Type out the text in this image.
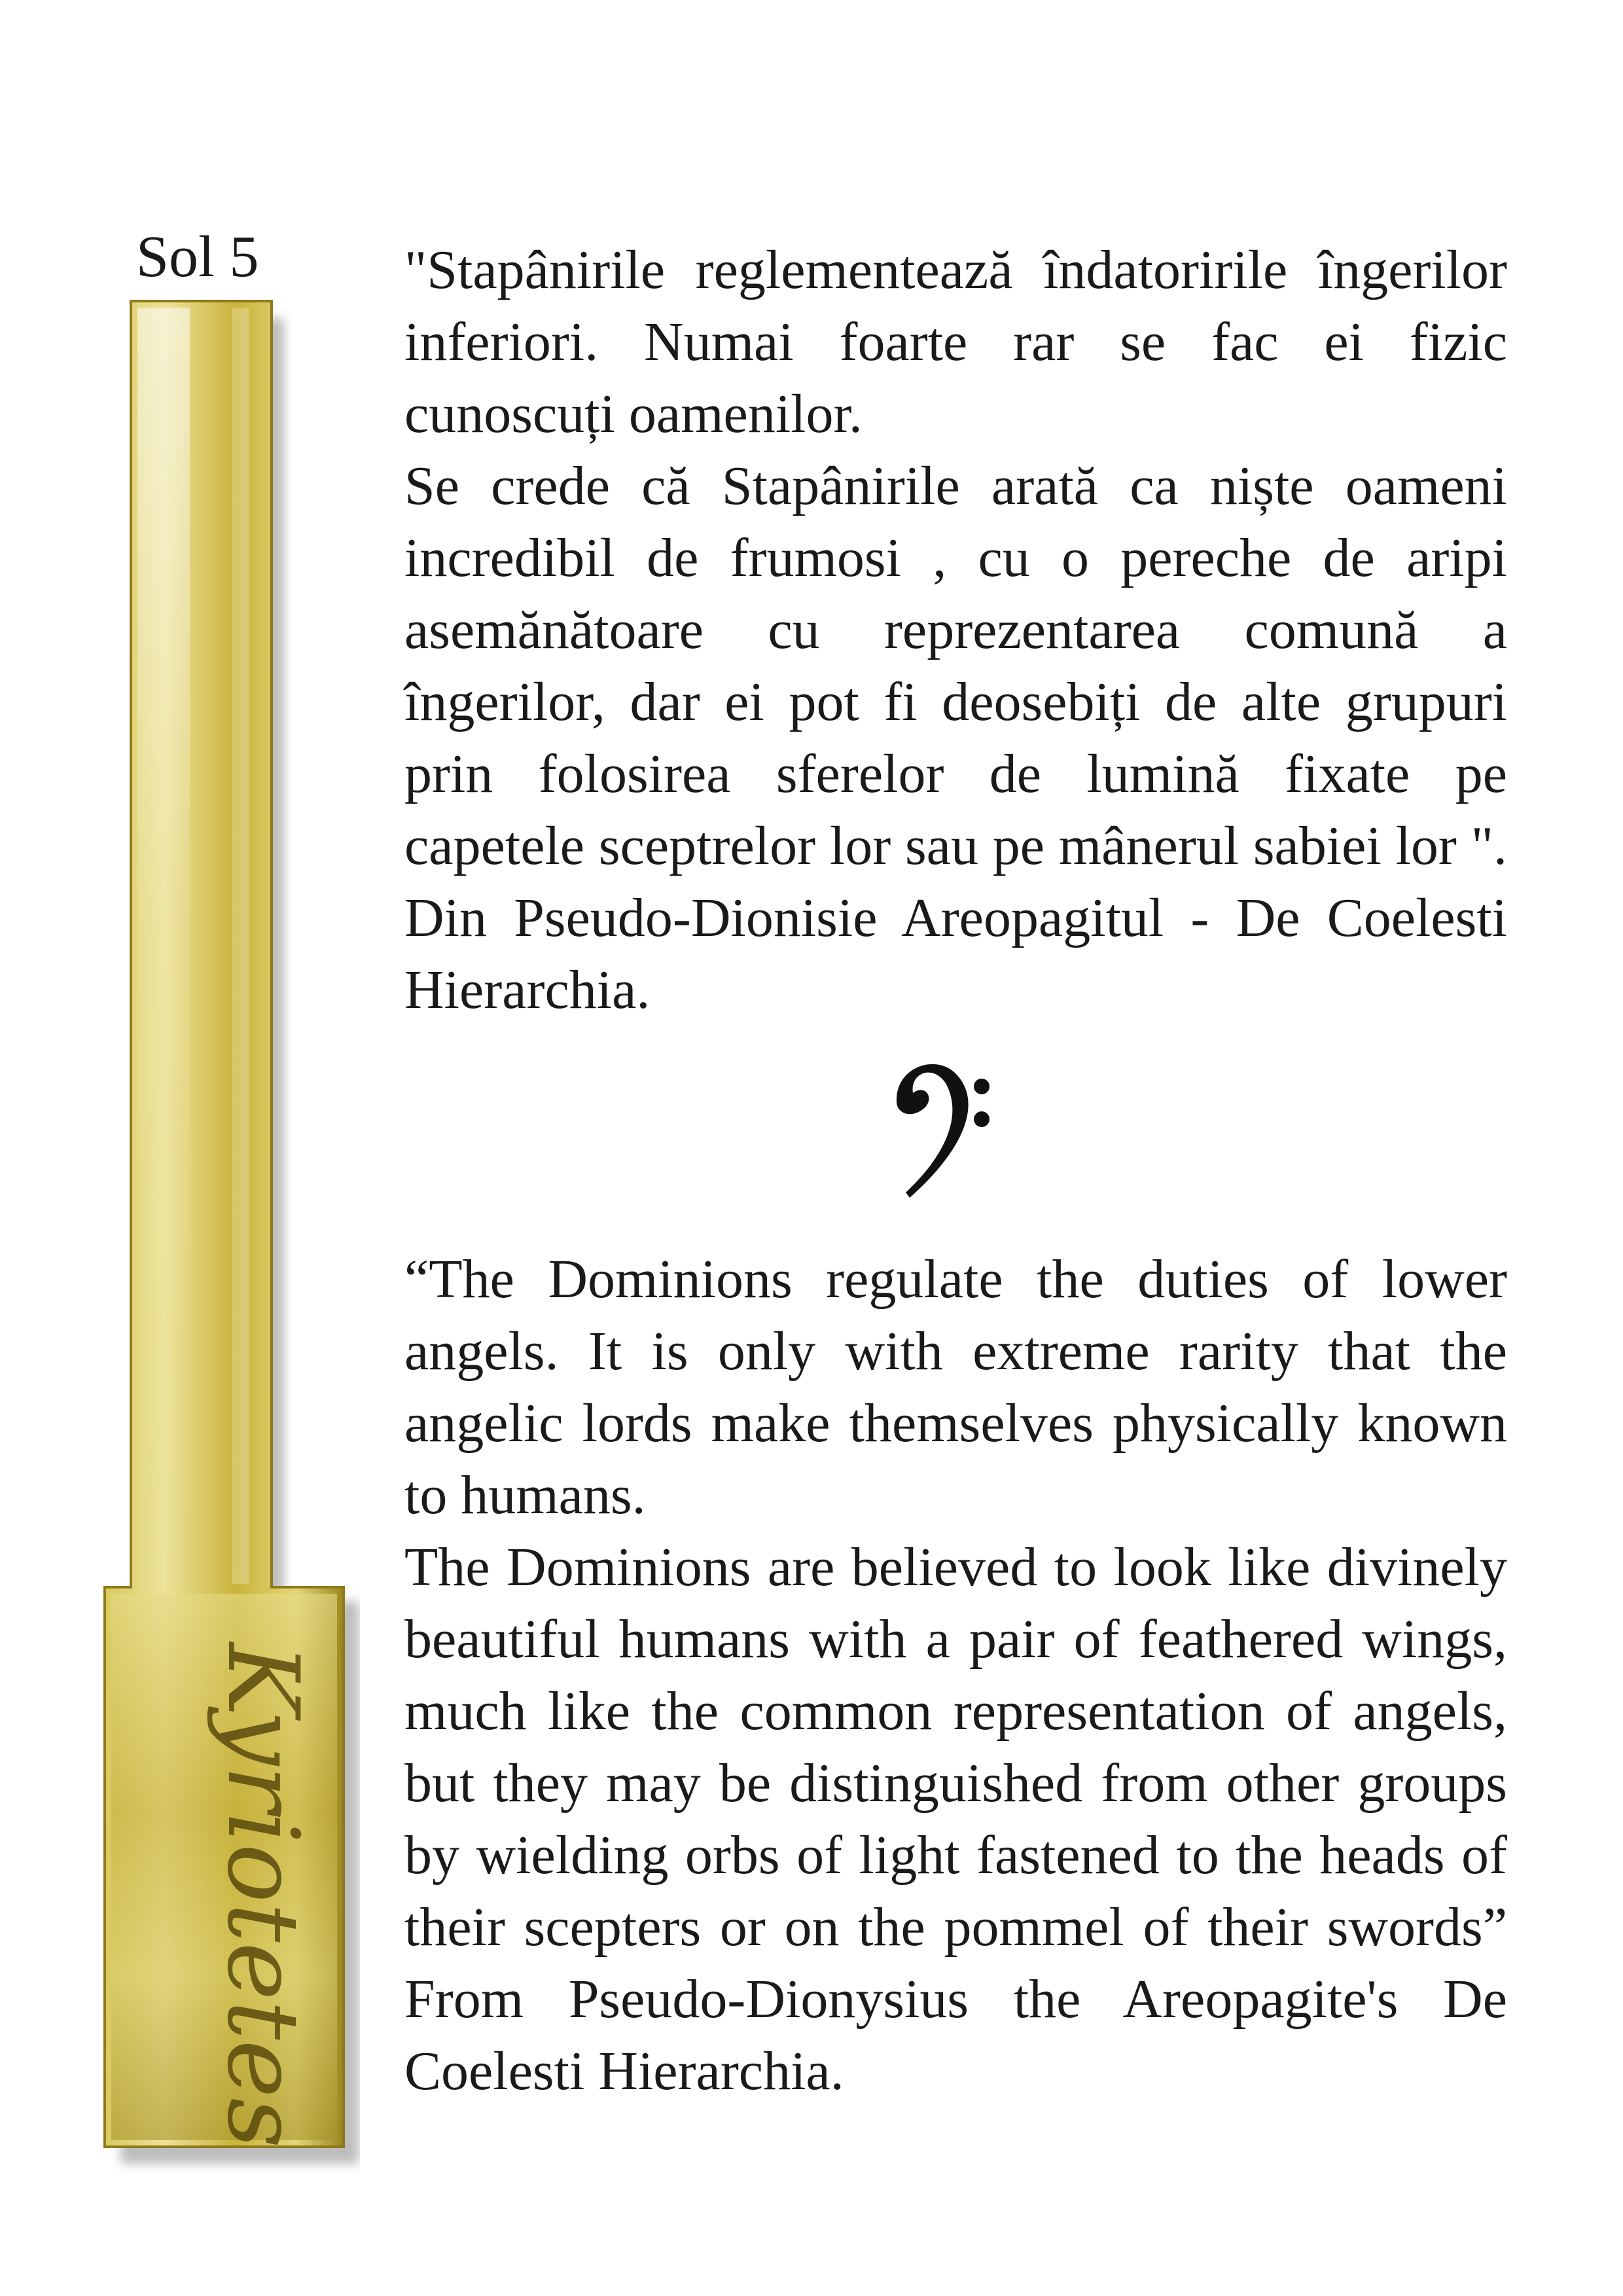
Sol 5
Kyriotetes

"Stapânirile reglementează îndatoririle îngerilor inferiori. Numai foarte rar se fac ei fizic cunoscuți oamenilor.

Se crede că Stapânirile arată ca niște oameni incredibil de frumosi , cu o pereche de aripi asemănătoare cu reprezentarea comună a îngerilor, dar ei pot fi deosebiți de alte grupuri prin folosirea sferelor de lumină fixate pe capetele sceptrelor lor sau pe mânerul sabiei lor ". Din Pseudo-Dionisie Areopagitul - De Coelesti Hierarchia.

“The Dominions regulate the duties of lower angels. It is only with extreme rarity that the angelic lords make themselves physically known to humans.

The Dominions are believed to look like divinely beautiful humans with a pair of feathered wings, much like the common representation of angels, but they may be distinguished from other groups by wielding orbs of light fastened to the heads of their scepters or on the pommel of their swords” From Pseudo-Dionysius the Areopagite's De Coelesti Hierarchia.
